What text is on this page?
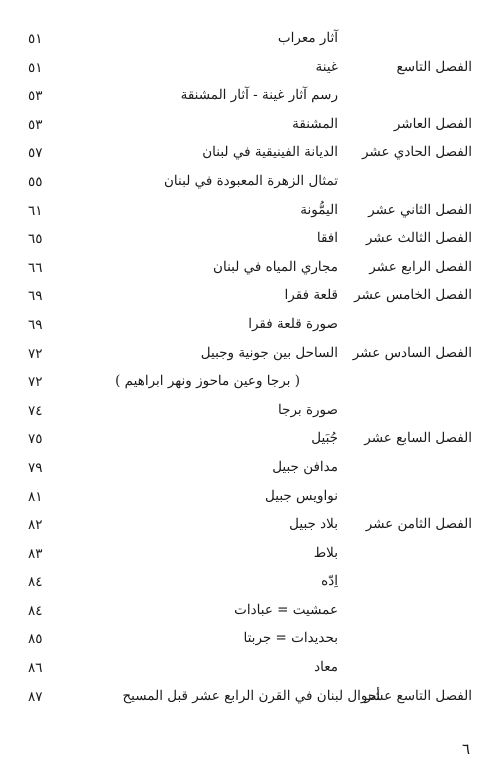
آثار معراب
٥١
الفصل التاسع
غينة
٥١
رسم آثار غينة - آثار المشنقة
٥٣
الفصل العاشر
المشنقة
٥٣
الفصل الحادي عشر
الديانة الفينيقية في لبنان
٥٧
تمثال الزهرة المعبودة في لبنان
٥٥
الفصل الثاني عشر
اليمُّونة
٦١
الفصل الثالث عشر
افقا
٦٥
الفصل الرابع عشر
مجاري المياه في لبنان
٦٦
الفصل الخامس عشر
قلعة فقرا
٦٩
صورة قلعة فقرا
٦٩
الفصل السادس عشر
الساحل بين جونية وجبيل
٧٢
( برجا وعين ماحوز ونهر ابراهيم )
٧٢
صورة برجا
٧٤
الفصل السابع عشر
جُبَيل
٧٥
مدافن جبيل
٧٩
نواويس جبيل
٨١
الفصل الثامن عشر
بلاد جبيل
٨٢
بلاط
٨٣
اِدّه
٨٤
عمشيت = عبادات
٨٤
بحديدات = جربتا
٨٥
معاد
٨٦
الفصل التاسع عشر
أحوال لبنان في القرن الرابع عشر قبل المسيح
٨٧
٦
